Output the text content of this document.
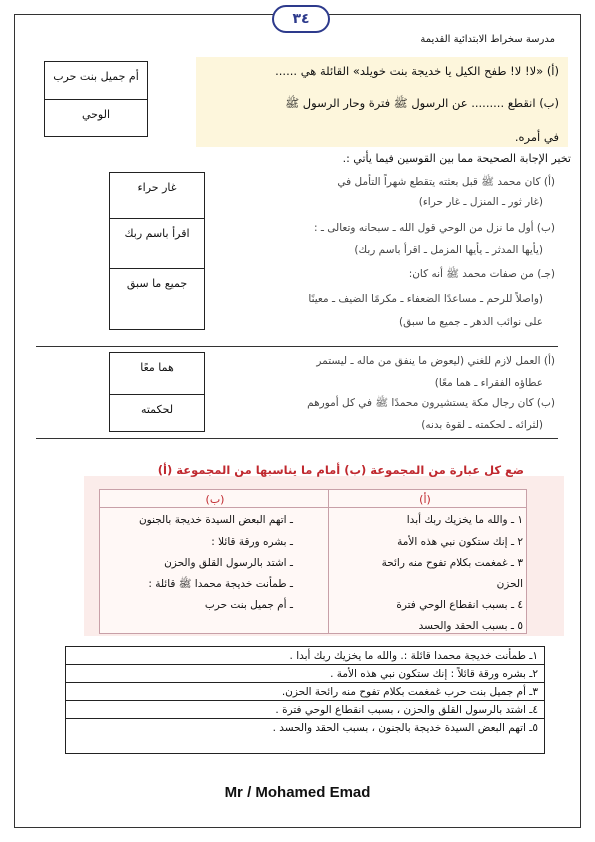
٣٤
مدرسة سخراط الابتدائية القديمة
أم جميل بنت حرب
الوحي
(أ) «لا! لا! طفح الكيل يا خديجة بنت خويلد» القائلة هي ......
(ب) انقطع ......... عن الرسول ﷺ فترة وحار الرسول ﷺ
في أمره.
تخير الإجابة الصحيحة مما بين القوسين فيما يأتي :.
غار حراء
اقرأ باسم ربك
جميع ما سبق
(أ) كان محمد ﷺ قبل بعثته يتقطع شهراً التأمل في
(غار ثور ـ المنزل ـ غار حراء)
(ب) أول ما نزل من الوحي قول الله ـ سبحانه وتعالى ـ :
(يأيها المدثر ـ يأيها المزمل ـ اقرأ باسم ربك)
(جـ) من صفات محمد ﷺ أنه كان:
(واصلاً للرحم ـ مساعدًا الضعفاء ـ مكرمًا الضيف ـ معينًا
على نوائب الدهر ـ جميع ما سبق)
هما معًا
لحكمته
(أ) العمل لازم للغني (ليعوض ما ينفق من ماله ـ ليستمر
عطاؤه الفقراء ـ هما معًا)
(ب) كان رجال مكة يستشيرون محمدًا ﷺ في كل أمورهم
(لثرائه ـ لحكمته ـ لقوة بدنه)
ضع كل عبارة من المجموعة (ب) أمام ما يناسبها من المجموعة (أ)
(أ)
(ب)
١ ـ والله ما يخزيك ربك أبدا
٢ ـ إنك ستكون نبي هذه الأمة
٣ ـ غمغمت بكلام تفوح منه رائحة
الحزن
٤ ـ بسبب انقطاع الوحي فترة
٥ ـ بسبب الحقد والحسد
ـ اتهم البعض السيدة خديجة بالجنون
ـ بشره ورقة قائلا :
ـ اشتد بالرسول القلق والحزن
ـ طمأنت خديجة محمدا ﷺ قائلة :
ـ أم جميل بنت حرب
١ـ طمأنت خديجة محمدا قائلة :. والله ما يخزيك ربك أبدا .
٢ـ بشره ورقة قائلاً : إنك ستكون نبي هذه الأمة .
٣ـ أم جميل بنت حرب غمغمت بكلام تفوح منه رائحة الحزن.
٤ـ اشتد بالرسول القلق والحزن ، بسبب انقطاع الوحي فترة .
٥ـ اتهم البعض السيدة خديجة بالجنون ، بسبب الحقد والحسد .
Mr / Mohamed Emad
